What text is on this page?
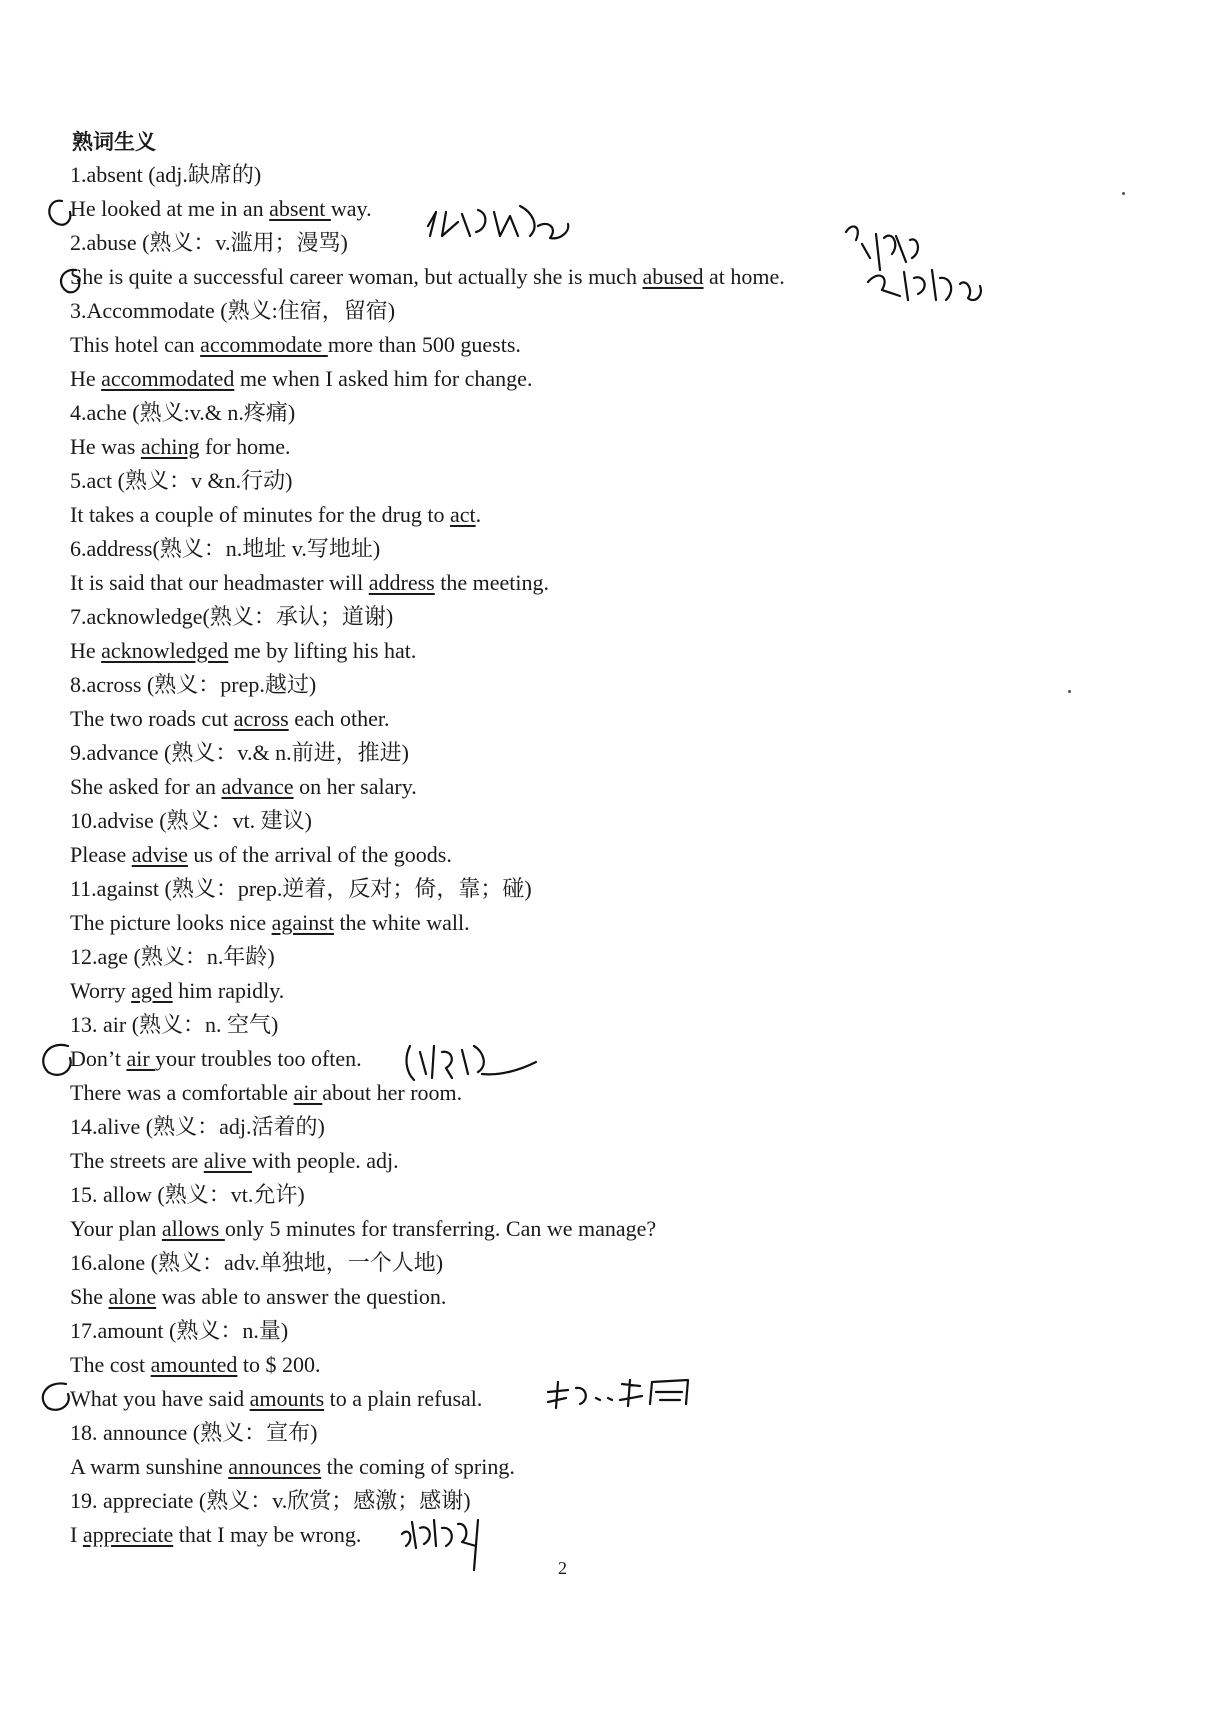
熟词生义
1.absent (adj.缺席的)
He looked at me in an absent way.
2.abuse (熟义：v.滥用；漫骂)
She is quite a successful career woman, but actually she is much abused at home.
3.Accommodate (熟义:住宿，留宿)
This hotel can accommodate more than 500 guests.
He accommodated me when I asked him for change.
4.ache (熟义:v.& n.疼痛)
He was aching for home.
5.act (熟义：v &n.行动)
It takes a couple of minutes for the drug to act.
6.address(熟义：n.地址 v.写地址)
It is said that our headmaster will address the meeting.
7.acknowledge(熟义：承认；道谢)
He acknowledged me by lifting his hat.
8.across (熟义：prep.越过)
The two roads cut across each other.
9.advance (熟义：v.& n.前进，推进)
She asked for an advance on her salary.
10.advise (熟义：vt. 建议)
Please advise us of the arrival of the goods.
11.against (熟义：prep.逆着，反对；倚，靠；碰)
The picture looks nice against the white wall.
12.age (熟义：n.年龄)
Worry aged him rapidly.
13. air (熟义：n. 空气)
Don’t air your troubles too often.
There was a comfortable air about her room.
14.alive (熟义：adj.活着的)
The streets are alive with people. adj.
15. allow (熟义：vt.允许)
Your plan allows only 5 minutes for transferring. Can we manage?
16.alone (熟义：adv.单独地，一个人地)
She alone was able to answer the question.
17.amount (熟义：n.量)
The cost amounted to $ 200.
What you have said amounts to a plain refusal.
18. announce (熟义：宣布)
A warm sunshine announces the coming of spring.
19. appreciate (熟义：v.欣赏；感激；感谢)
I appreciate that I may be wrong.
2
